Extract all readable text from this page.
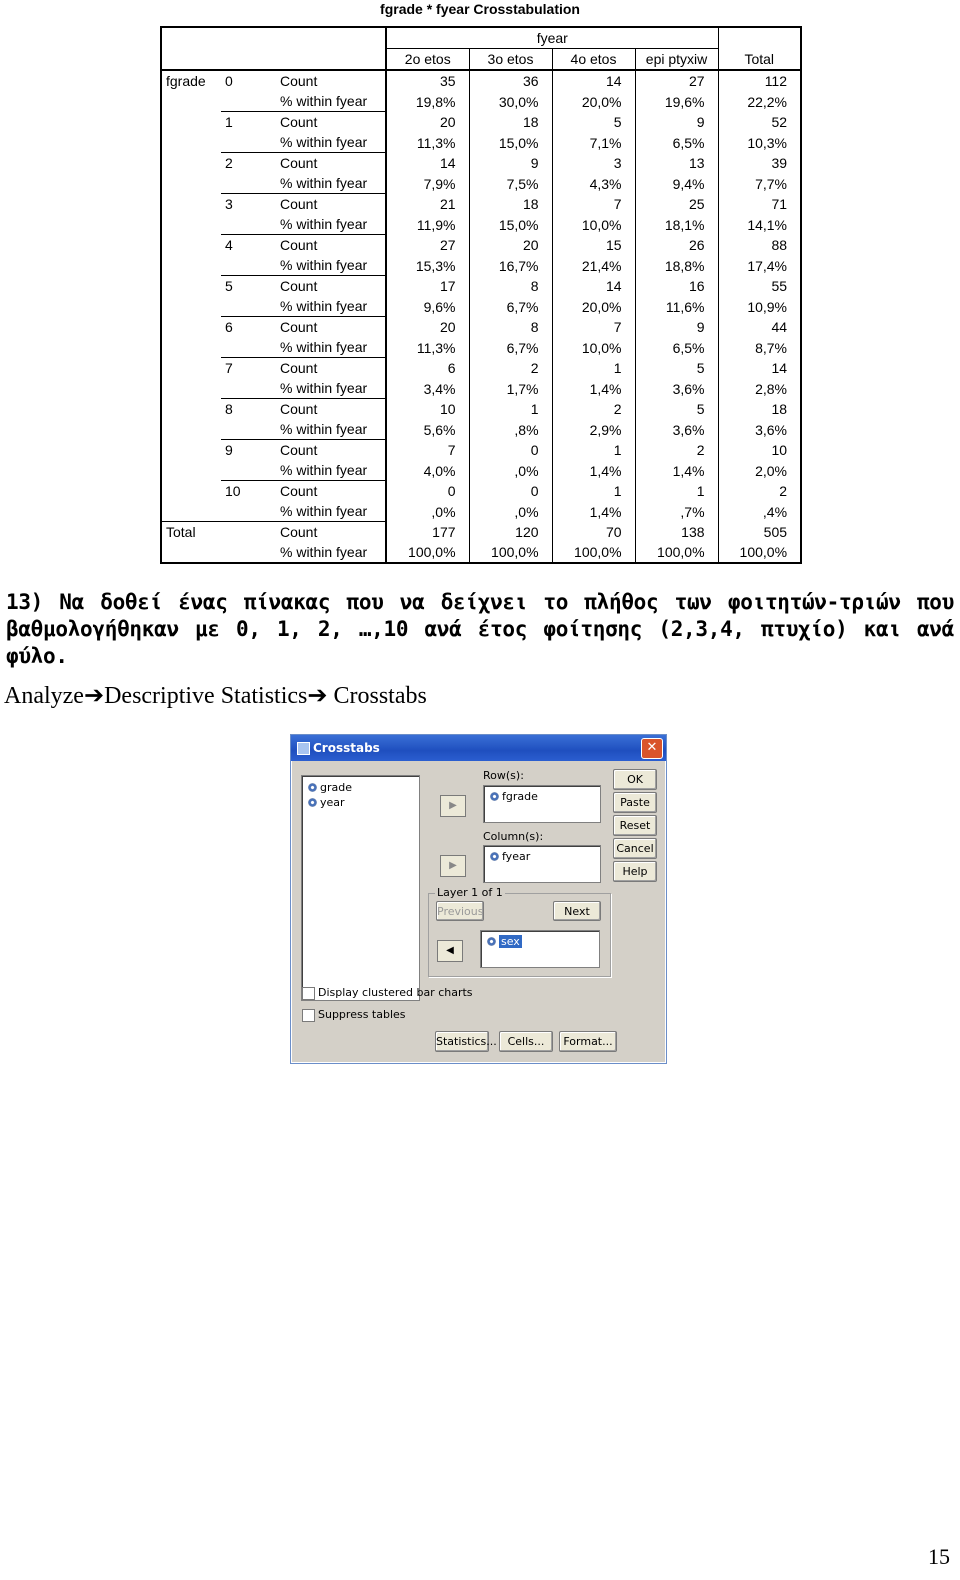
fgrade * fyear Crosstabulation
			fyear				
			2o etos	3o etos	4o etos	epi ptyxiw	Total
fgrade	0	Count	35	36	14	27	112
		% within fyear	19,8%	30,0%	20,0%	19,6%	22,2%
	1	Count	20	18	5	9	52
		% within fyear	11,3%	15,0%	7,1%	6,5%	10,3%
	2	Count	14	9	3	13	39
		% within fyear	7,9%	7,5%	4,3%	9,4%	7,7%
	3	Count	21	18	7	25	71
		% within fyear	11,9%	15,0%	10,0%	18,1%	14,1%
	4	Count	27	20	15	26	88
		% within fyear	15,3%	16,7%	21,4%	18,8%	17,4%
	5	Count	17	8	14	16	55
		% within fyear	9,6%	6,7%	20,0%	11,6%	10,9%
	6	Count	20	8	7	9	44
		% within fyear	11,3%	6,7%	10,0%	6,5%	8,7%
	7	Count	6	2	1	5	14
		% within fyear	3,4%	1,7%	1,4%	3,6%	2,8%
	8	Count	10	1	2	5	18
		% within fyear	5,6%	,8%	2,9%	3,6%	3,6%
	9	Count	7	0	1	2	10
		% within fyear	4,0%	,0%	1,4%	1,4%	2,0%
	10	Count	0	0	1	1	2
		% within fyear	,0%	,0%	1,4%	,7%	,4%
Total		Count	177	120	70	138	505
		% within fyear	100,0%	100,0%	100,0%	100,0%	100,0%
13) Να δοθεί ένας πίνακας που να δείχνει το πλήθος των φοιτητών-τριών που βαθμολογήθηκαν με 0, 1, 2, …,10 ανά έτος φοίτησης (2,3,4, πτυχίο) και ανά φύλο.
Analyze➔Descriptive Statistics➔ Crosstabs
Crosstabs	✕
grade
year	▶
▶
◀
Row(s):
fgrade
Column(s):
fyear
Layer 1 of 1
Previous	Next
sex
OK
Paste
Reset
Cancel
Help
Display clustered bar charts
Suppress tables
Statistics... Cells...	Format...
15
